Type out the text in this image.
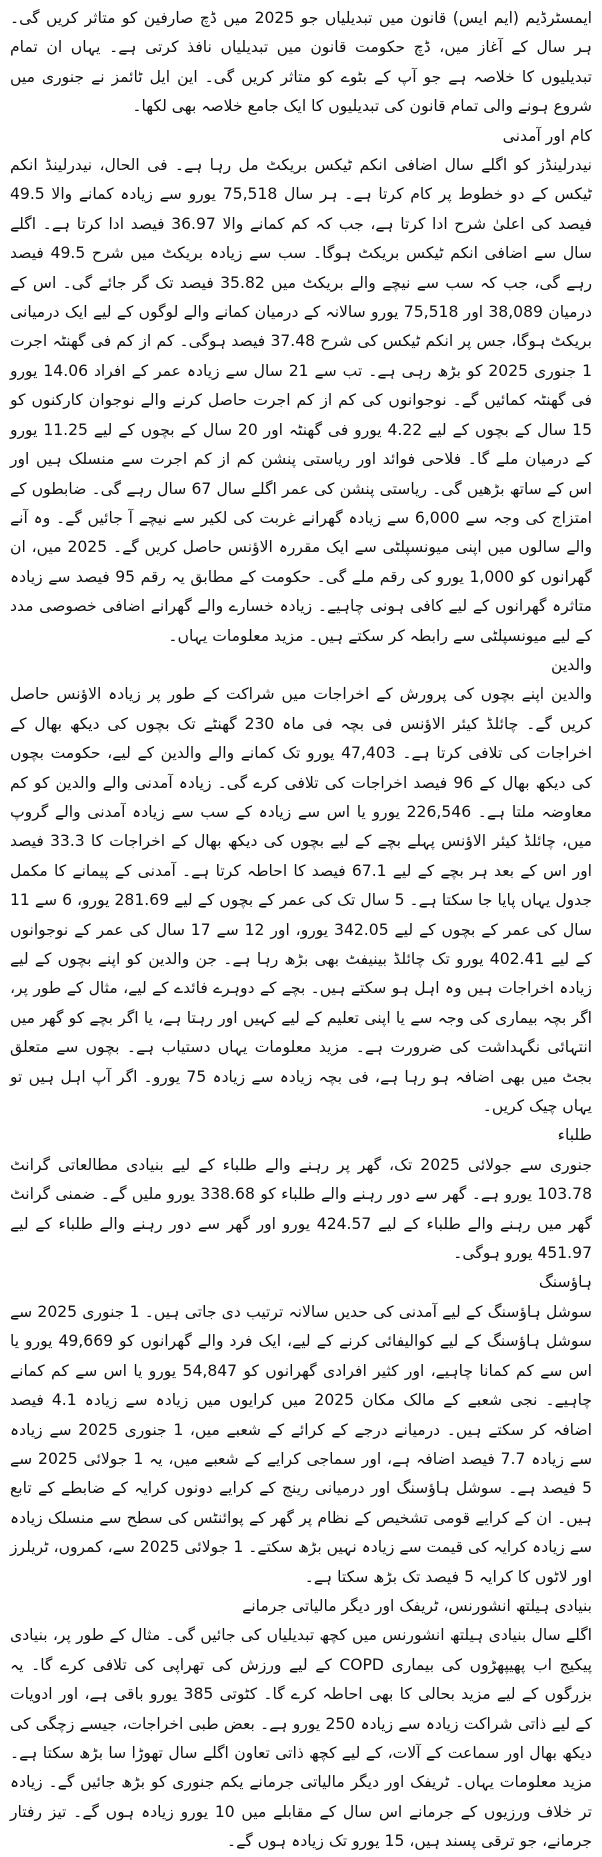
ایمسٹرڈیم (ایم ایس) قانون میں تبدیلیاں جو 2025 میں ڈچ صارفین کو متاثر کریں گی۔ ہر سال کے آغاز میں، ڈچ حکومت قانون میں تبدیلیاں نافذ کرتی ہے۔ یہاں ان تمام تبدیلیوں کا خلاصہ ہے جو آپ کے بٹوے کو متاثر کریں گی۔ این ایل ٹائمز نے جنوری میں شروع ہونے والی تمام قانون کی تبدیلیوں کا ایک جامع خلاصہ بھی لکھا۔

کام اور آمدنی

نیدرلینڈز کو اگلے سال اضافی انکم ٹیکس بریکٹ مل رہا ہے۔ فی الحال، نیدرلینڈ انکم ٹیکس کے دو خطوط پر کام کرتا ہے۔ ہر سال 75,518 یورو سے زیادہ کمانے والا 49.5 فیصد کی اعلیٰ شرح ادا کرتا ہے، جب کہ کم کمانے والا 36.97 فیصد ادا کرتا ہے۔ اگلے سال سے اضافی انکم ٹیکس بریکٹ ہوگا۔ سب سے زیادہ بریکٹ میں شرح 49.5 فیصد رہے گی، جب کہ سب سے نیچے والے بریکٹ میں 35.82 فیصد تک گر جائے گی۔ اس کے درمیان 38,089 اور 75,518 یورو سالانہ کے درمیان کمانے والے لوگوں کے لیے ایک درمیانی بریکٹ ہوگا، جس پر انکم ٹیکس کی شرح 37.48 فیصد ہوگی۔ کم از کم فی گھنٹہ اجرت 1 جنوری 2025 کو بڑھ رہی ہے۔ تب سے 21 سال سے زیادہ عمر کے افراد 14.06 یورو فی گھنٹہ کمائیں گے۔ نوجوانوں کی کم از کم اجرت حاصل کرنے والے نوجوان کارکنوں کو 15 سال کے بچوں کے لیے 4.22 یورو فی گھنٹہ اور 20 سال کے بچوں کے لیے 11.25 یورو کے درمیان ملے گا۔ فلاحی فوائد اور ریاستی پنشن کم از کم اجرت سے منسلک ہیں اور اس کے ساتھ بڑھیں گی۔ ریاستی پنشن کی عمر اگلے سال 67 سال رہے گی۔ ضابطوں کے امتزاج کی وجہ سے 6,000 سے زیادہ گھرانے غربت کی لکیر سے نیچے آ جائیں گے۔ وہ آنے والے سالوں میں اپنی میونسپلٹی سے ایک مقررہ الاؤنس حاصل کریں گے۔ 2025 میں، ان گھرانوں کو 1,000 یورو کی رقم ملے گی۔ حکومت کے مطابق یہ رقم 95 فیصد سے زیادہ متاثرہ گھرانوں کے لیے کافی ہونی چاہیے۔ زیادہ خسارے والے گھرانے اضافی خصوصی مدد کے لیے میونسپلٹی سے رابطہ کر سکتے ہیں۔ مزید معلومات یہاں۔

والدین

والدین اپنے بچوں کی پرورش کے اخراجات میں شراکت کے طور پر زیادہ الاؤنس حاصل کریں گے۔ چائلڈ کیئر الاؤنس فی بچہ فی ماہ 230 گھنٹے تک بچوں کی دیکھ بھال کے اخراجات کی تلافی کرتا ہے۔ 47,403 یورو تک کمانے والے والدین کے لیے، حکومت بچوں کی دیکھ بھال کے 96 فیصد اخراجات کی تلافی کرے گی۔ زیادہ آمدنی والے والدین کو کم معاوضہ ملتا ہے۔ 226,546 یورو یا اس سے زیادہ کے سب سے زیادہ آمدنی والے گروپ میں، چائلڈ کیئر الاؤنس پہلے بچے کے لیے بچوں کی دیکھ بھال کے اخراجات کا 33.3 فیصد اور اس کے بعد ہر بچے کے لیے 67.1 فیصد کا احاطہ کرتا ہے۔ آمدنی کے پیمانے کا مکمل جدول یہاں پایا جا سکتا ہے۔ 5 سال تک کی عمر کے بچوں کے لیے 281.69 یورو، 6 سے 11 سال کی عمر کے بچوں کے لیے 342.05 یورو، اور 12 سے 17 سال کی عمر کے نوجوانوں کے لیے 402.41 یورو تک چائلڈ بینیفٹ بھی بڑھ رہا ہے۔ جن والدین کو اپنے بچوں کے لیے زیادہ اخراجات ہیں وہ اہل ہو سکتے ہیں۔ بچے کے دوہرے فائدے کے لیے، مثال کے طور پر، اگر بچہ بیماری کی وجہ سے یا اپنی تعلیم کے لیے کہیں اور رہتا ہے، یا اگر بچے کو گھر میں انتہائی نگہداشت کی ضرورت ہے۔ مزید معلومات یہاں دستیاب ہے۔ بچوں سے متعلق بجٹ میں بھی اضافہ ہو رہا ہے، فی بچہ زیادہ سے زیادہ 75 یورو۔ اگر آپ اہل ہیں تو یہاں چیک کریں۔

طلباء

جنوری سے جولائی 2025 تک، گھر پر رہنے والے طلباء کے لیے بنیادی مطالعاتی گرانٹ 103.78 یورو ہے۔ گھر سے دور رہنے والے طلباء کو 338.68 یورو ملیں گے۔ ضمنی گرانٹ گھر میں رہنے والے طلباء کے لیے 424.57 یورو اور گھر سے دور رہنے والے طلباء کے لیے 451.97 یورو ہوگی۔

ہاؤسنگ

سوشل ہاؤسنگ کے لیے آمدنی کی حدیں سالانہ ترتیب دی جاتی ہیں۔ 1 جنوری 2025 سے سوشل ہاؤسنگ کے لیے کوالیفائی کرنے کے لیے، ایک فرد والے گھرانوں کو 49,669 یورو یا اس سے کم کمانا چاہیے، اور کثیر افرادی گھرانوں کو 54,847 یورو یا اس سے کم کمانے چاہیے۔ نجی شعبے کے مالک مکان 2025 میں کرایوں میں زیادہ سے زیادہ 4.1 فیصد اضافہ کر سکتے ہیں۔ درمیانے درجے کے کرائے کے شعبے میں، 1 جنوری 2025 سے زیادہ سے زیادہ 7.7 فیصد اضافہ ہے، اور سماجی کرایے کے شعبے میں، یہ 1 جولائی 2025 سے 5 فیصد ہے۔ سوشل ہاؤسنگ اور درمیانی رینج کے کرایے دونوں کرایہ کے ضابطے کے تابع ہیں۔ ان کے کرایے قومی تشخیص کے نظام پر گھر کے پوائنٹس کی سطح سے منسلک زیادہ سے زیادہ کرایہ کی قیمت سے زیادہ نہیں بڑھ سکتے۔ 1 جولائی 2025 سے، کمروں، ٹریلرز اور لاٹوں کا کرایہ 5 فیصد تک بڑھ سکتا ہے۔

بنیادی ہیلتھ انشورنس، ٹریفک اور دیگر مالیاتی جرمانے

اگلے سال بنیادی ہیلتھ انشورنس میں کچھ تبدیلیاں کی جائیں گی۔ مثال کے طور پر، بنیادی پیکیج اب پھیپھڑوں کی بیماری COPD کے لیے ورزش کی تھراپی کی تلافی کرے گا۔ یہ بزرگوں کے لیے مزید بحالی کا بھی احاطہ کرے گا۔ کٹوتی 385 یورو باقی ہے، اور ادویات کے لیے ذاتی شراکت زیادہ سے زیادہ 250 یورو ہے۔ بعض طبی اخراجات، جیسے زچگی کی دیکھ بھال اور سماعت کے آلات، کے لیے کچھ ذاتی تعاون اگلے سال تھوڑا سا بڑھ سکتا ہے۔ مزید معلومات یہاں۔ ٹریفک اور دیگر مالیاتی جرمانے یکم جنوری کو بڑھ جائیں گے۔ زیادہ تر خلاف ورزیوں کے جرمانے اس سال کے مقابلے میں 10 یورو زیادہ ہوں گے۔ تیز رفتار جرمانے، جو ترقی پسند ہیں، 15 یورو تک زیادہ ہوں گے۔
